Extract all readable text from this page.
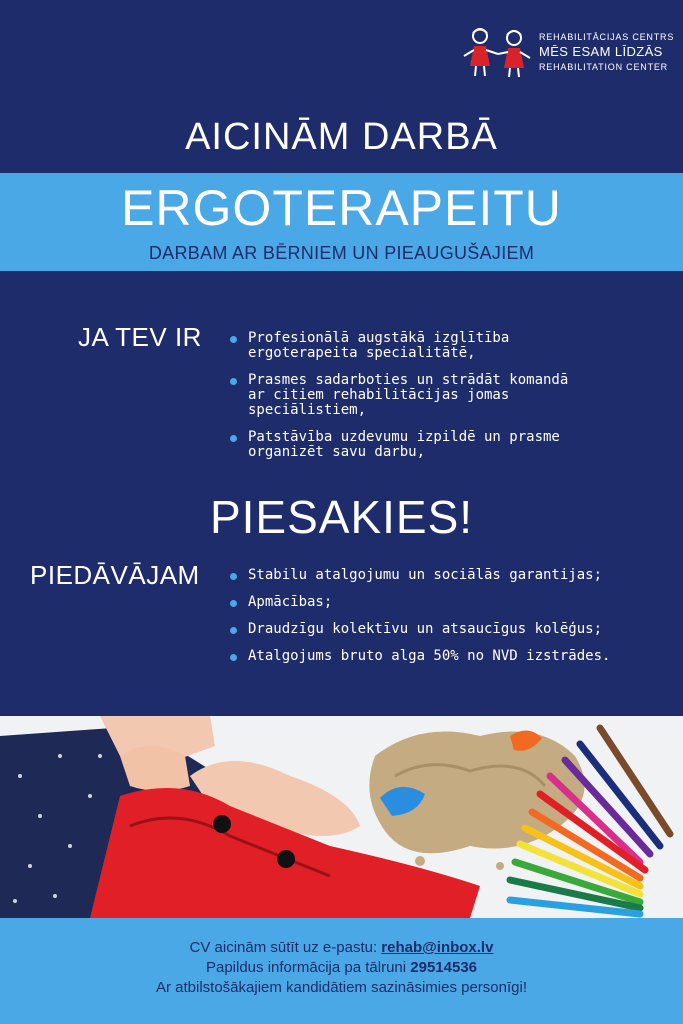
REHABILITĀCIJAS CENTRS
MĒS ESAM LĪDZĀS
REHABILITATION CENTER
AICINĀM DARBĀ
ERGOTERAPEITU
DARBAM AR BĒRNIEM UN PIEAUGUŠAJIEM
JA TEV IR	Profesionālā augstākā izglītība
ergoterapeita specialitātē,
Prasmes sadarboties un strādāt komandā
ar citiem rehabilitācijas jomas
speciālistiem,
Patstāvība uzdevumu izpildē un prasme
organizēt savu darbu,
PIESAKIES!
PIEDĀVĀJAM	Stabilu atalgojumu un sociālās garantijas;
Apmācības;
Draudzīgu kolektīvu un atsaucīgus kolēģus;
Atalgojums bruto alga 50% no NVD izstrādes.
CV aicinām sūtīt uz e-pastu: rehab@inbox.lv
Papildus informācija pa tālruni 29514536
Ar atbilstošākajiem kandidātiem sazināsimies personīgi!
